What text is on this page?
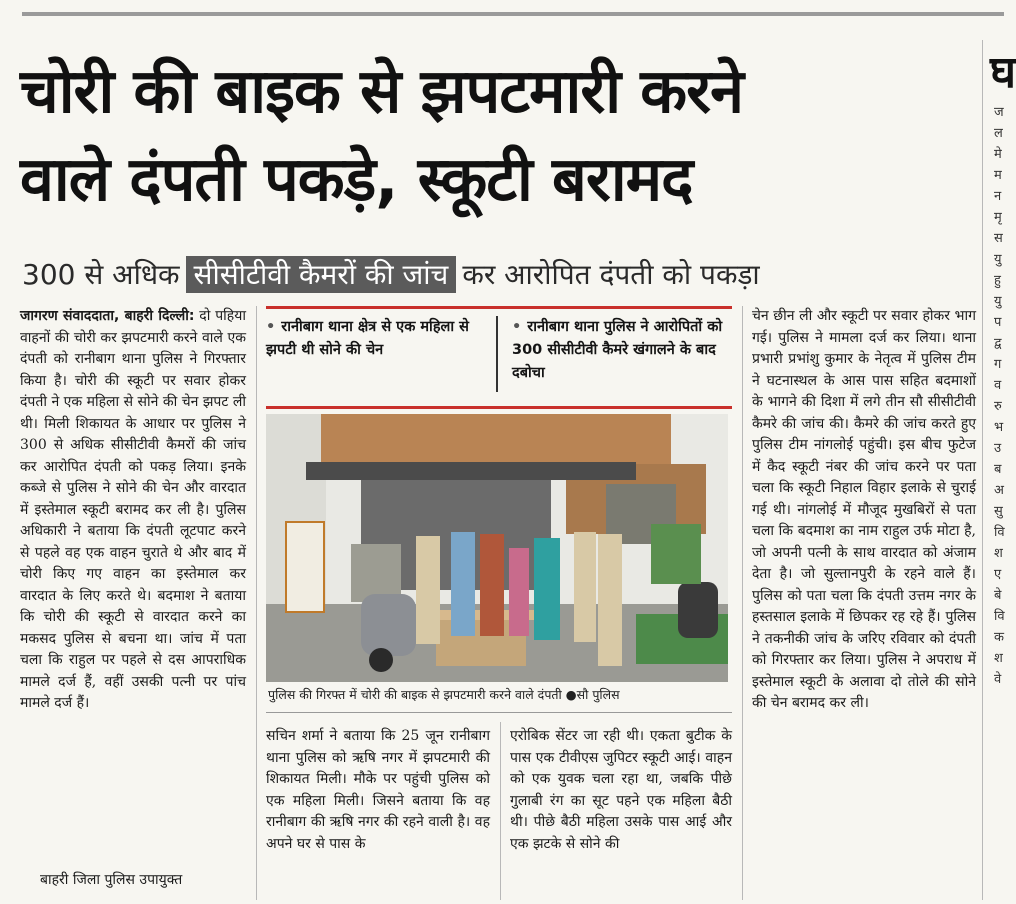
चोरी की बाइक से झपटमारी करने
वाले दंपती पकड़े, स्कूटी बरामद
300 से अधिक सीसीटीवी कैमरों की जांच कर आरोपित दंपती को पकड़ा

जागरण संवाददाता, बाहरी दिल्ली: दो पहिया वाहनों की चोरी कर झपटमारी करने वाले एक दंपती को रानीबाग थाना पुलिस ने गिरफ्तार किया है। चोरी की स्कूटी पर सवार होकर दंपती ने एक महिला से सोने की चेन झपट ली थी। मिली शिकायत के आधार पर पुलिस ने 300 से अधिक सीसीटीवी कैमरों की जांच कर आरोपित दंपती को पकड़ लिया। इनके कब्जे से पुलिस ने सोने की चेन और वारदात में इस्तेमाल स्कूटी बरामद कर ली है। पुलिस अधिकारी ने बताया कि दंपती लूटपाट करने से पहले वह एक वाहन चुराते थे और बाद में चोरी किए गए वाहन का इस्तेमाल कर वारदात के लिए करते थे। बदमाश ने बताया कि चोरी की स्कूटी से वारदात करने का मकसद पुलिस से बचना था। जांच में पता चला कि राहुल पर पहले से दस आपराधिक मामले दर्ज हैं, वहीं उसकी पत्नी पर पांच मामले दर्ज हैं।

बाहरी जिला पुलिस उपायुक्त

• रानीबाग थाना क्षेत्र से एक महिला से झपटी थी सोने की चेन
• रानीबाग थाना पुलिस ने आरोपितों को 300 सीसीटीवी कैमरे खंगालने के बाद दबोचा
पुलिस की गिरफ्त में चोरी की बाइक से झपटमारी करने वाले दंपती ●सौ पुलिस

सचिन शर्मा ने बताया कि 25 जून रानीबाग थाना पुलिस को ऋषि नगर में झपटमारी की शिकायत मिली। मौके पर पहुंची पुलिस को एक महिला मिली। जिसने बताया कि वह रानीबाग की ऋषि नगर की रहने वाली है। वह अपने घर से पास के

एरोबिक सेंटर जा रही थी। एकता बुटीक के पास एक टीवीएस जुपिटर स्कूटी आई। वाहन को एक युवक चला रहा था, जबकि पीछे गुलाबी रंग का सूट पहने एक महिला बैठी थी। पीछे बैठी महिला उसके पास आई और एक झटके से सोने की

चेन छीन ली और स्कूटी पर सवार होकर भाग गई। पुलिस ने मामला दर्ज कर लिया। थाना प्रभारी प्रभांशु कुमार के नेतृत्व में पुलिस टीम ने घटनास्थल के आस पास सहित बदमाशों के भागने की दिशा में लगे तीन सौ सीसीटीवी कैमरे की जांच की। कैमरे की जांच करते हुए पुलिस टीम नांगलोई पहुंची। इस बीच फुटेज में कैद स्कूटी नंबर की जांच करने पर पता चला कि स्कूटी निहाल विहार इलाके से चुराई गई थी। नांगलोई में मौजूद मुखबिरों से पता चला कि बदमाश का नाम राहुल उर्फ मोटा है, जो अपनी पत्नी के साथ वारदात को अंजाम देता है। जो सुल्तानपुरी के रहने वाले हैं। पुलिस को पता चला कि दंपती उत्तम नगर के हस्तसाल इलाके में छिपकर रह रहे हैं। पुलिस ने तकनीकी जांच के जरिए रविवार को दंपती को गिरफ्तार कर लिया। पुलिस ने अपराध में इस्तेमाल स्कूटी के अलावा दो तोले की सोने की चेन बरामद कर ली।

घ
ज
ल
मे
म
न
मृ
स
यु
हु
यु
प
द्व
ग
व
रु
भ
उ
ब
अ
सु
वि
श
ए
बे
वि
क
श
वे
